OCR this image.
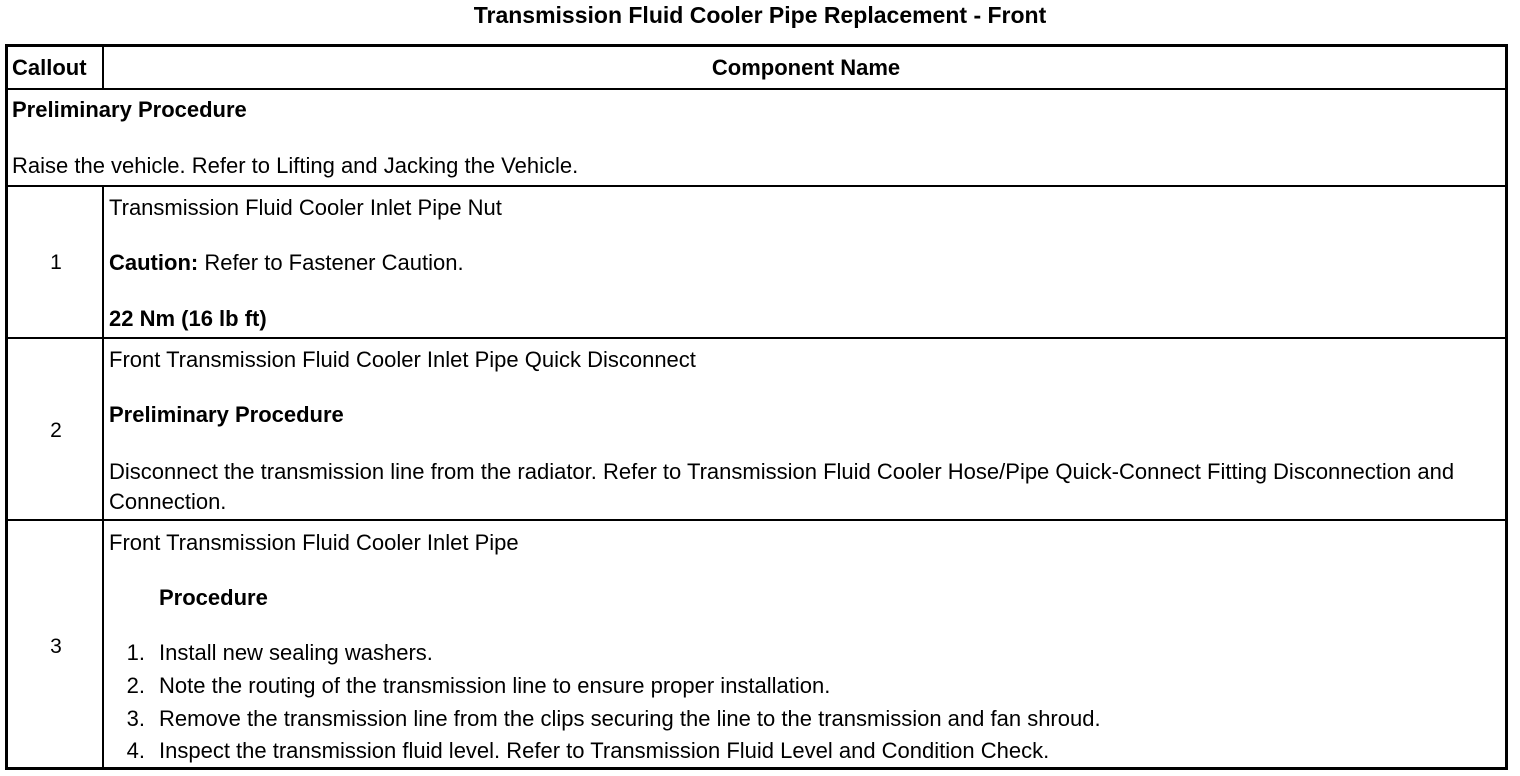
Transmission Fluid Cooler Pipe Replacement - Front
Callout	Component Name
Preliminary Procedure
Raise the vehicle. Refer to Lifting and Jacking the Vehicle.
1
Transmission Fluid Cooler Inlet Pipe Nut
Caution: Refer to Fastener Caution.
22 Nm (16 lb ft)
2
Front Transmission Fluid Cooler Inlet Pipe Quick Disconnect
Preliminary Procedure
Disconnect the transmission line from the radiator. Refer to Transmission Fluid Cooler Hose/Pipe Quick-Connect Fitting Disconnection and Connection.
3
Front Transmission Fluid Cooler Inlet Pipe
Procedure
1. Install new sealing washers.
2. Note the routing of the transmission line to ensure proper installation.
3. Remove the transmission line from the clips securing the line to the transmission and fan shroud.
4. Inspect the transmission fluid level. Refer to Transmission Fluid Level and Condition Check.
